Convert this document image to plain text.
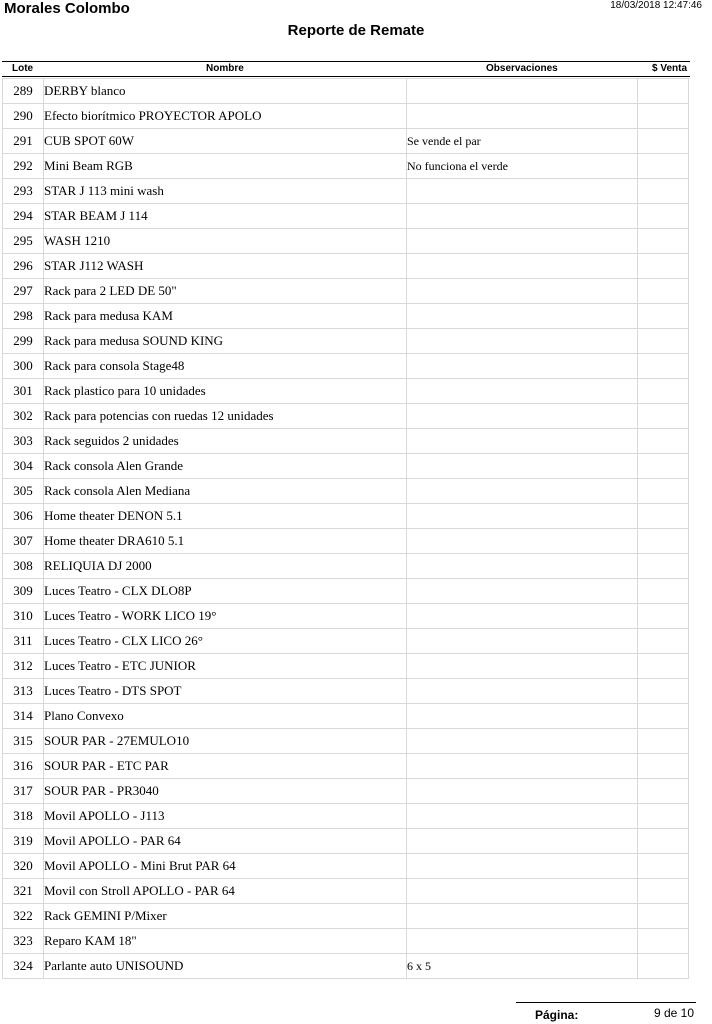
Morales Colombo	18/03/2018 12:47:46
Reporte de Remate
Lote	Nombre	Observaciones	$ Venta
289	DERBY blanco		
290	Efecto biorítmico PROYECTOR APOLO		
291	CUB SPOT 60W	Se vende el par	
292	Mini Beam RGB	No funciona el verde	
293	STAR J 113 mini wash		
294	STAR BEAM J 114		
295	WASH 1210		
296	STAR J112 WASH		
297	Rack para 2 LED DE 50"		
298	Rack para medusa KAM		
299	Rack para medusa SOUND KING		
300	Rack para consola Stage48		
301	Rack plastico para 10 unidades		
302	Rack para potencias con ruedas 12 unidades		
303	Rack seguidos 2 unidades		
304	Rack consola Alen Grande		
305	Rack consola Alen Mediana		
306	Home theater DENON 5.1		
307	Home theater DRA610 5.1		
308	RELIQUIA DJ 2000		
309	Luces Teatro - CLX DLO8P		
310	Luces Teatro - WORK LICO 19°		
311	Luces Teatro - CLX LICO 26°		
312	Luces Teatro - ETC JUNIOR		
313	Luces Teatro - DTS SPOT		
314	Plano Convexo		
315	SOUR PAR - 27EMULO10		
316	SOUR PAR - ETC PAR		
317	SOUR PAR - PR3040		
318	Movil APOLLO - J113		
319	Movil APOLLO - PAR 64		
320	Movil APOLLO - Mini Brut PAR 64		
321	Movil con Stroll APOLLO - PAR 64		
322	Rack GEMINI P/Mixer		
323	Reparo KAM 18"		
324	Parlante auto UNISOUND	6 x 5	
Página:	9 de 10
